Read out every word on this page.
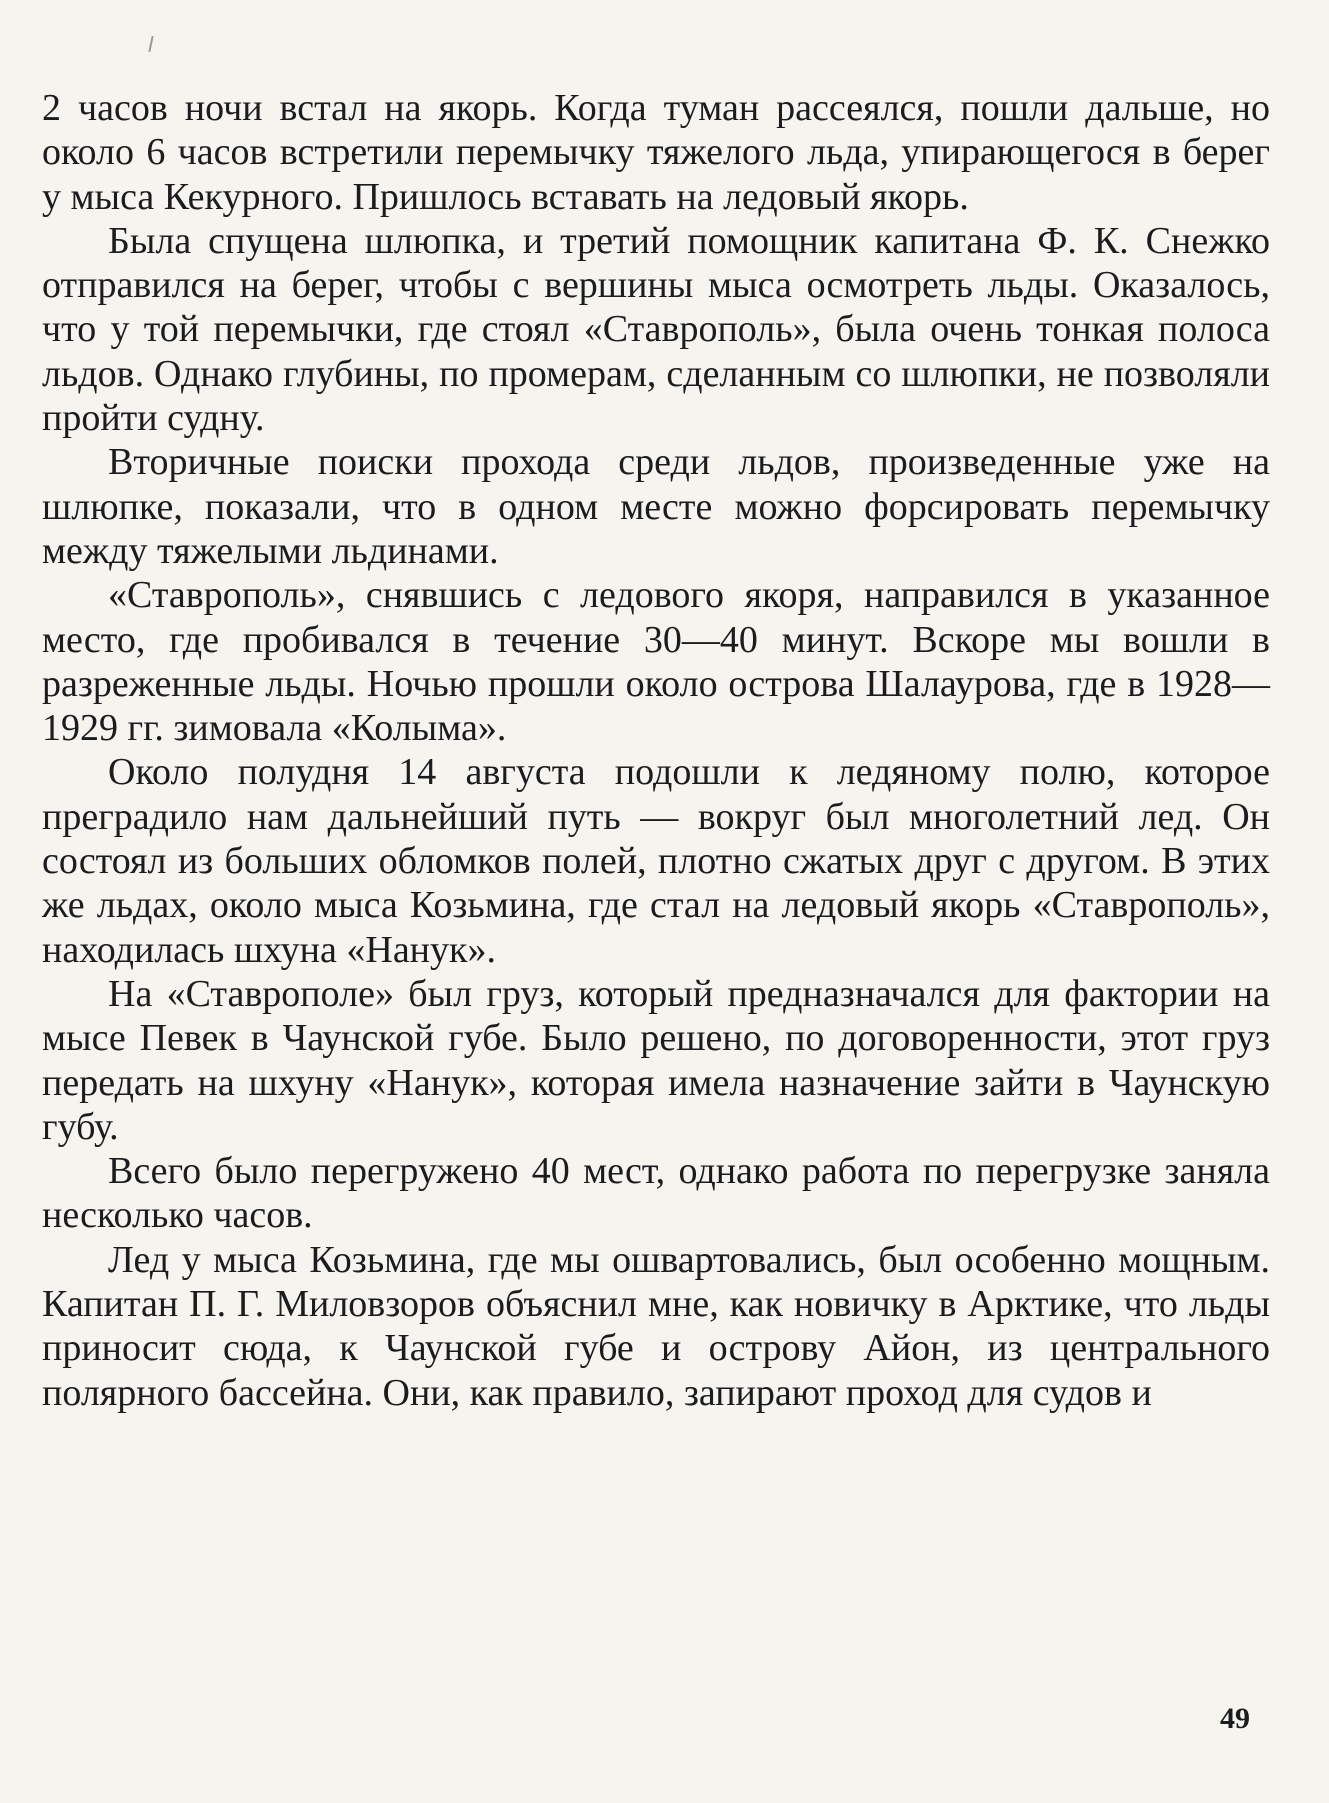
2 часов ночи встал на якорь. Когда туман рассеялся, пошли дальше, но около 6 часов встретили перемычку тяжелого льда, упирающегося в берег у мыса Кекурного. Пришлось вставать на ледовый якорь.

Была спущена шлюпка, и третий помощник капитана Ф. К. Снежко отправился на берег, чтобы с вершины мыса осмотреть льды. Оказалось, что у той перемычки, где стоял «Ставрополь», была очень тонкая полоса льдов. Однако глубины, по промерам, сделанным со шлюпки, не позволяли пройти судну.

Вторичные поиски прохода среди льдов, произведенные уже на шлюпке, показали, что в одном месте можно форсировать перемычку между тяжелыми льдинами.

«Ставрополь», снявшись с ледового якоря, направился в указанное место, где пробивался в течение 30—40 минут. Вскоре мы вошли в разреженные льды. Ночью прошли около острова Шалаурова, где в 1928—1929 гг. зимовала «Колыма».

Около полудня 14 августа подошли к ледяному полю, которое преградило нам дальнейший путь — вокруг был многолетний лед. Он состоял из больших обломков полей, плотно сжатых друг с другом. В этих же льдах, около мыса Козьмина, где стал на ледовый якорь «Ставрополь», находилась шхуна «Нанук».

На «Ставрополе» был груз, который предназначался для фактории на мысе Певек в Чаунской губе. Было решено, по договоренности, этот груз передать на шхуну «Нанук», которая имела назначение зайти в Чаунскую губу.

Всего было перегружено 40 мест, однако работа по перегрузке заняла несколько часов.

Лед у мыса Козьмина, где мы ошвартовались, был особенно мощным. Капитан П. Г. Миловзоров объяснил мне, как новичку в Арктике, что льды приносит сюда, к Чаунской губе и острову Айон, из центрального полярного бассейна. Они, как правило, запирают проход для судов и

49
